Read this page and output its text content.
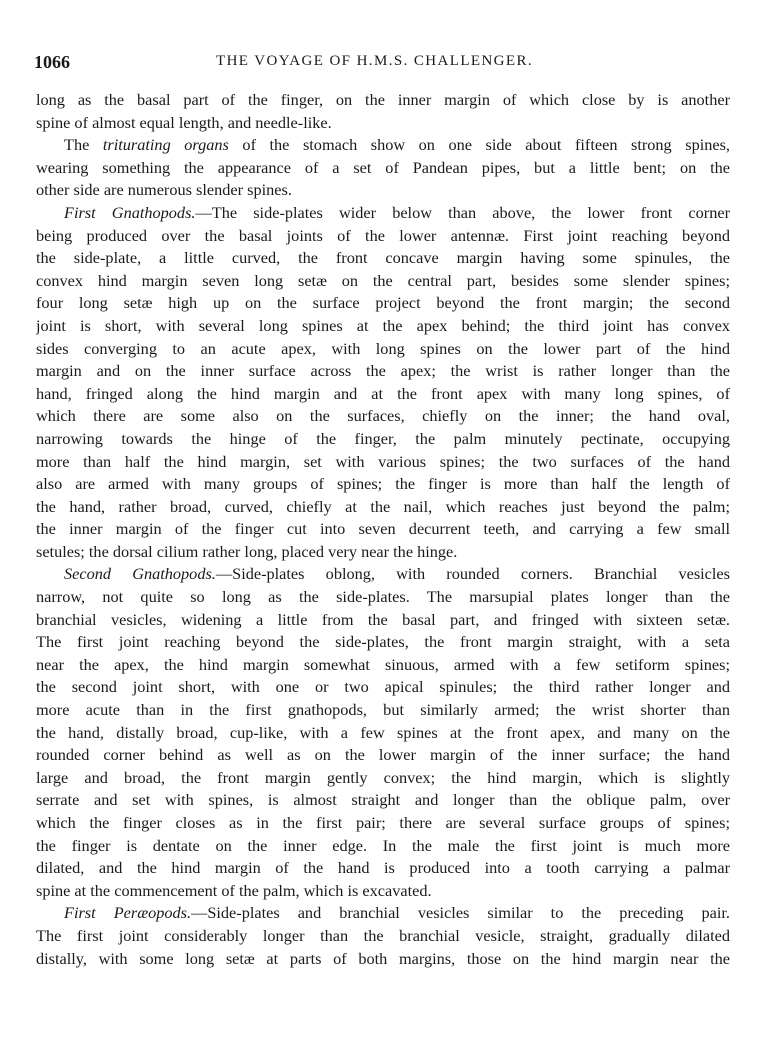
1066	THE VOYAGE OF H.M.S. CHALLENGER.
long as the basal part of the finger, on the inner margin of which close by is another
spine of almost equal length, and needle-like.
The triturating organs of the stomach show on one side about fifteen strong spines,
wearing something the appearance of a set of Pandean pipes, but a little bent; on the
other side are numerous slender spines.
First Gnathopods.—The side-plates wider below than above, the lower front corner
being produced over the basal joints of the lower antennæ. First joint reaching beyond
the side-plate, a little curved, the front concave margin having some spinules, the
convex hind margin seven long setæ on the central part, besides some slender spines;
four long setæ high up on the surface project beyond the front margin; the second
joint is short, with several long spines at the apex behind; the third joint has convex
sides converging to an acute apex, with long spines on the lower part of the hind
margin and on the inner surface across the apex; the wrist is rather longer than the
hand, fringed along the hind margin and at the front apex with many long spines, of
which there are some also on the surfaces, chiefly on the inner; the hand oval,
narrowing towards the hinge of the finger, the palm minutely pectinate, occupying
more than half the hind margin, set with various spines; the two surfaces of the hand
also are armed with many groups of spines; the finger is more than half the length of
the hand, rather broad, curved, chiefly at the nail, which reaches just beyond the palm;
the inner margin of the finger cut into seven decurrent teeth, and carrying a few small
setules; the dorsal cilium rather long, placed very near the hinge.
Second Gnathopods.—Side-plates oblong, with rounded corners. Branchial vesicles
narrow, not quite so long as the side-plates. The marsupial plates longer than the
branchial vesicles, widening a little from the basal part, and fringed with sixteen setæ.
The first joint reaching beyond the side-plates, the front margin straight, with a seta
near the apex, the hind margin somewhat sinuous, armed with a few setiform spines;
the second joint short, with one or two apical spinules; the third rather longer and
more acute than in the first gnathopods, but similarly armed; the wrist shorter than
the hand, distally broad, cup-like, with a few spines at the front apex, and many on the
rounded corner behind as well as on the lower margin of the inner surface; the hand
large and broad, the front margin gently convex; the hind margin, which is slightly
serrate and set with spines, is almost straight and longer than the oblique palm, over
which the finger closes as in the first pair; there are several surface groups of spines;
the finger is dentate on the inner edge. In the male the first joint is much more
dilated, and the hind margin of the hand is produced into a tooth carrying a palmar
spine at the commencement of the palm, which is excavated.
First Peræopods.—Side-plates and branchial vesicles similar to the preceding pair.
The first joint considerably longer than the branchial vesicle, straight, gradually dilated
distally, with some long setæ at parts of both margins, those on the hind margin near the
